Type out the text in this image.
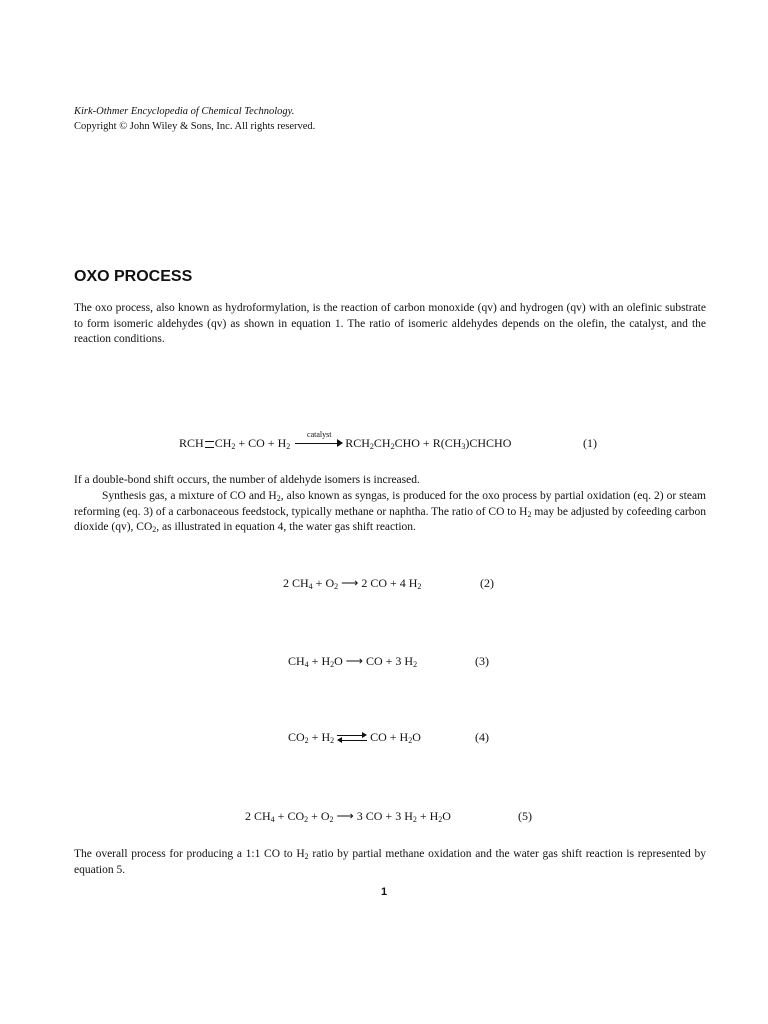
Kirk-Othmer Encyclopedia of Chemical Technology.
Copyright © John Wiley & Sons, Inc. All rights reserved.
OXO PROCESS
The oxo process, also known as hydroformylation, is the reaction of carbon monoxide (qv) and hydrogen (qv) with an olefinic substrate to form isomeric aldehydes (qv) as shown in equation 1. The ratio of isomeric aldehydes depends on the olefin, the catalyst, and the reaction conditions.
RCH $CH_2$ + CO + $H_2$
catalyst
$RCH_2CH_2CHO$ + $R(CH_3)CHCHO$	(1)
If a double-bond shift occurs, the number of aldehyde isomers is increased.
Synthesis gas, a mixture of CO and $H_2$, also known as syngas, is produced for the oxo process by partial oxidation (eq. 2) or steam reforming (eq. 3) of a carbonaceous feedstock, typically methane or naphtha. The ratio of CO to $H_2$ may be adjusted by cofeeding carbon dioxide (qv), $CO_2$, as illustrated in equation 4, the water gas shift reaction.
2 $CH_4 + O_2$ ⟶ 2 CO + 4 $H_2$	(2)
$CH_4 + H_2O$ ⟶ CO + 3 $H_2$	(3)
$CO_2 + H_2$	CO + $H_2O$	(4)
2 $CH_4 + CO_2 + O_2$ ⟶ 3 CO + 3 $H_2 + H_2O$	(5)
The overall process for producing a 1:1 CO to $H_2$ ratio by partial methane oxidation and the water gas shift reaction is represented by equation 5.
1
